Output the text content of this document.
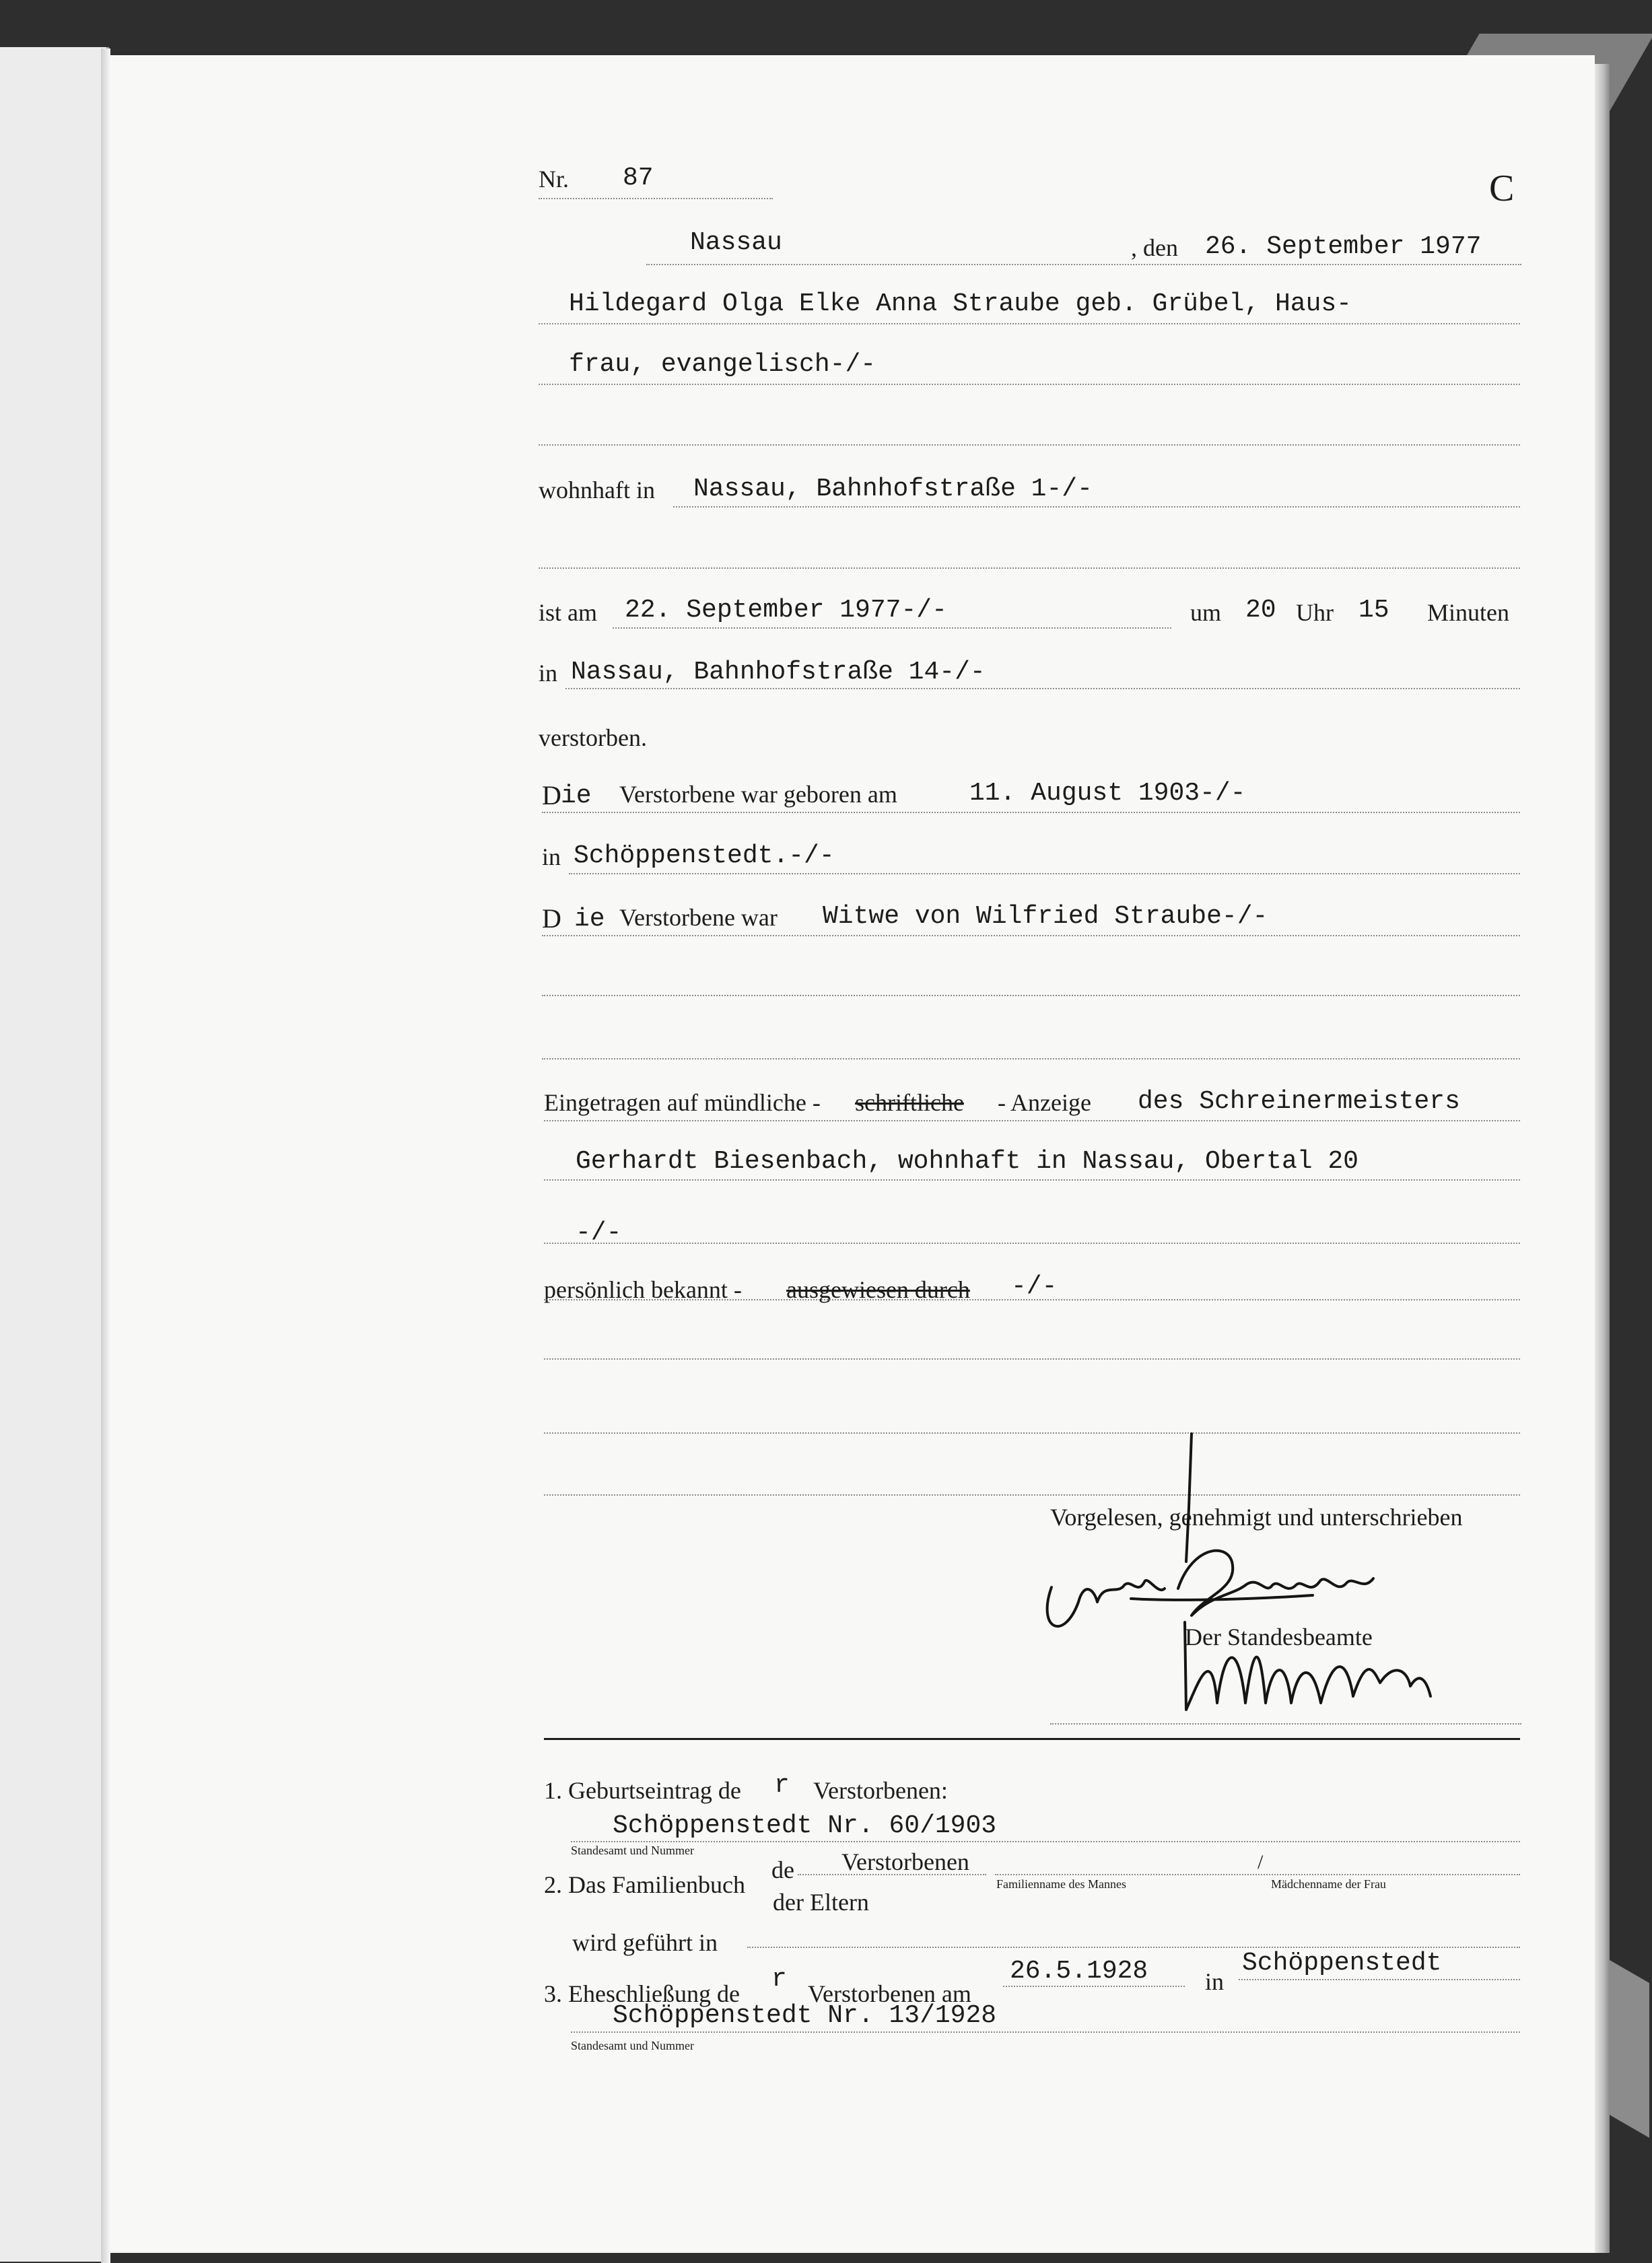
Nr. 87	C
Nassau	, den 26. September 1977
Hildegard Olga Elke Anna Straube geb. Grübel, Haus-
frau, evangelisch-/-
wohnhaft in Nassau, Bahnhofstraße 1-/-
ist am 22. September 1977-/-	um 20 Uhr 15 Minuten
in Nassau, Bahnhofstraße 14-/-
verstorben.
D ie Verstorbene war geboren am	11. August 1903-/-
in Schöppenstedt.-/-
D ie Verstorbene war Witwe von Wilfried Straube-/-
Eingetragen auf mündliche - schriftliche - Anzeige des Schreinermeisters
Gerhardt Biesenbach, wohnhaft in Nassau, Obertal 20
-/-
persönlich bekannt - ausgewiesen durch -/-
Vorgelesen, genehmigt und unterschrieben
Der Standesbeamte
1. Geburtseintrag de r Verstorbenen:
Schöppenstedt Nr. 60/1903
Standesamt und Nummer
2. Das Familienbuch
de Verstorbenen
der Eltern
Familienname des Mannes
/
Mädchenname der Frau
wird geführt in
3. Eheschließung de r Verstorbenen am
26.5.1928 in
Schöppenstedt
Schöppenstedt Nr. 13/1928
Standesamt und Nummer
